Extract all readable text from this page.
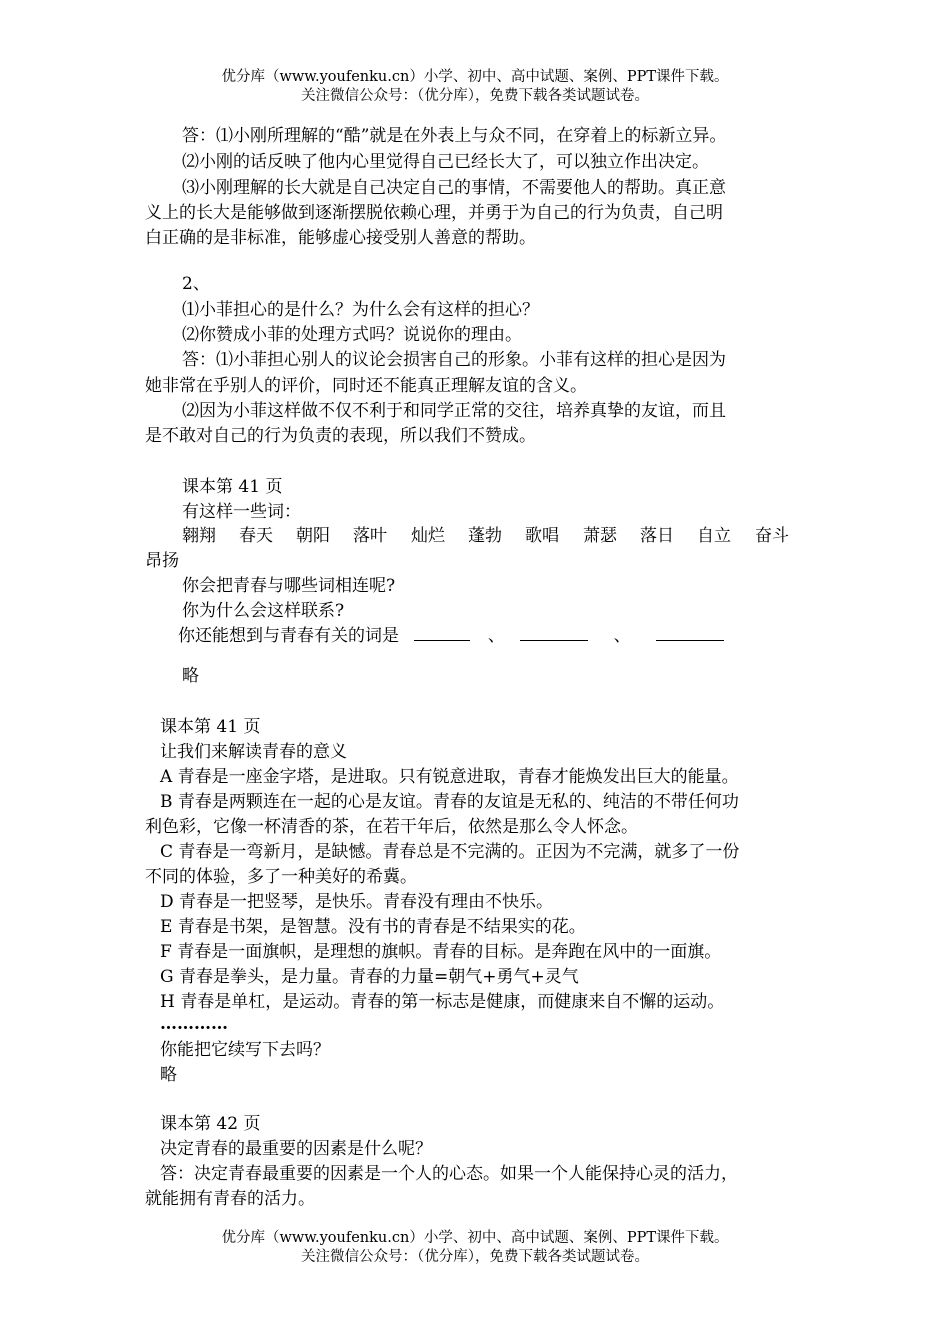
优分库（www.youfenku.cn）小学、初中、高中试题、案例、PPT课件下载。
关注微信公众号：（优分库），免费下载各类试题试卷。
答：⑴小刚所理解的“酷”就是在外表上与众不同，在穿着上的标新立异。
⑵小刚的话反映了他内心里觉得自己已经长大了，可以独立作出决定。
⑶小刚理解的长大就是自己决定自己的事情，不需要他人的帮助。真正意
义上的长大是能够做到逐渐摆脱依赖心理，并勇于为自己的行为负责，自己明
白正确的是非标准，能够虚心接受别人善意的帮助。
2、
⑴小菲担心的是什么？为什么会有这样的担心？
⑵你赞成小菲的处理方式吗？说说你的理由。
答：⑴小菲担心别人的议论会损害自己的形象。小菲有这样的担心是因为
她非常在乎别人的评价，同时还不能真正理解友谊的含义。
⑵因为小菲这样做不仅不利于和同学正常的交往，培养真挚的友谊，而且
是不敢对自己的行为负责的表现，所以我们不赞成。
课本第 41 页
有这样一些词：
翱翔 春天 朝阳 落叶 灿烂 蓬勃 歌唱 萧瑟 落日 自立 奋斗
昂扬
你会把青春与哪些词相连呢?
你为什么会这样联系?
你还能想到与青春有关的词是	、	、
略
课本第 41 页
让我们来解读青春的意义
A 青春是一座金字塔，是进取。只有锐意进取，青春才能焕发出巨大的能量。
B 青春是两颗连在一起的心是友谊。青春的友谊是无私的、纯洁的不带任何功
利色彩，它像一杯清香的茶，在若干年后，依然是那么令人怀念。
C 青春是一弯新月，是缺憾。青春总是不完满的。正因为不完满，就多了一份
不同的体验，多了一种美好的希冀。
D 青春是一把竖琴，是快乐。青春没有理由不快乐。
E 青春是书架，是智慧。没有书的青春是不结果实的花。
F 青春是一面旗帜，是理想的旗帜。青春的目标。是奔跑在风中的一面旗。
G 青春是拳头，是力量。青春的力量=朝气+勇气+灵气
H 青春是单杠，是运动。青春的第一标志是健康，而健康来自不懈的运动。
…………
你能把它续写下去吗？
略
课本第 42 页
决定青春的最重要的因素是什么呢？
答：决定青春最重要的因素是一个人的心态。如果一个人能保持心灵的活力，
就能拥有青春的活力。
优分库（www.youfenku.cn）小学、初中、高中试题、案例、PPT课件下载。
关注微信公众号：（优分库），免费下载各类试题试卷。
